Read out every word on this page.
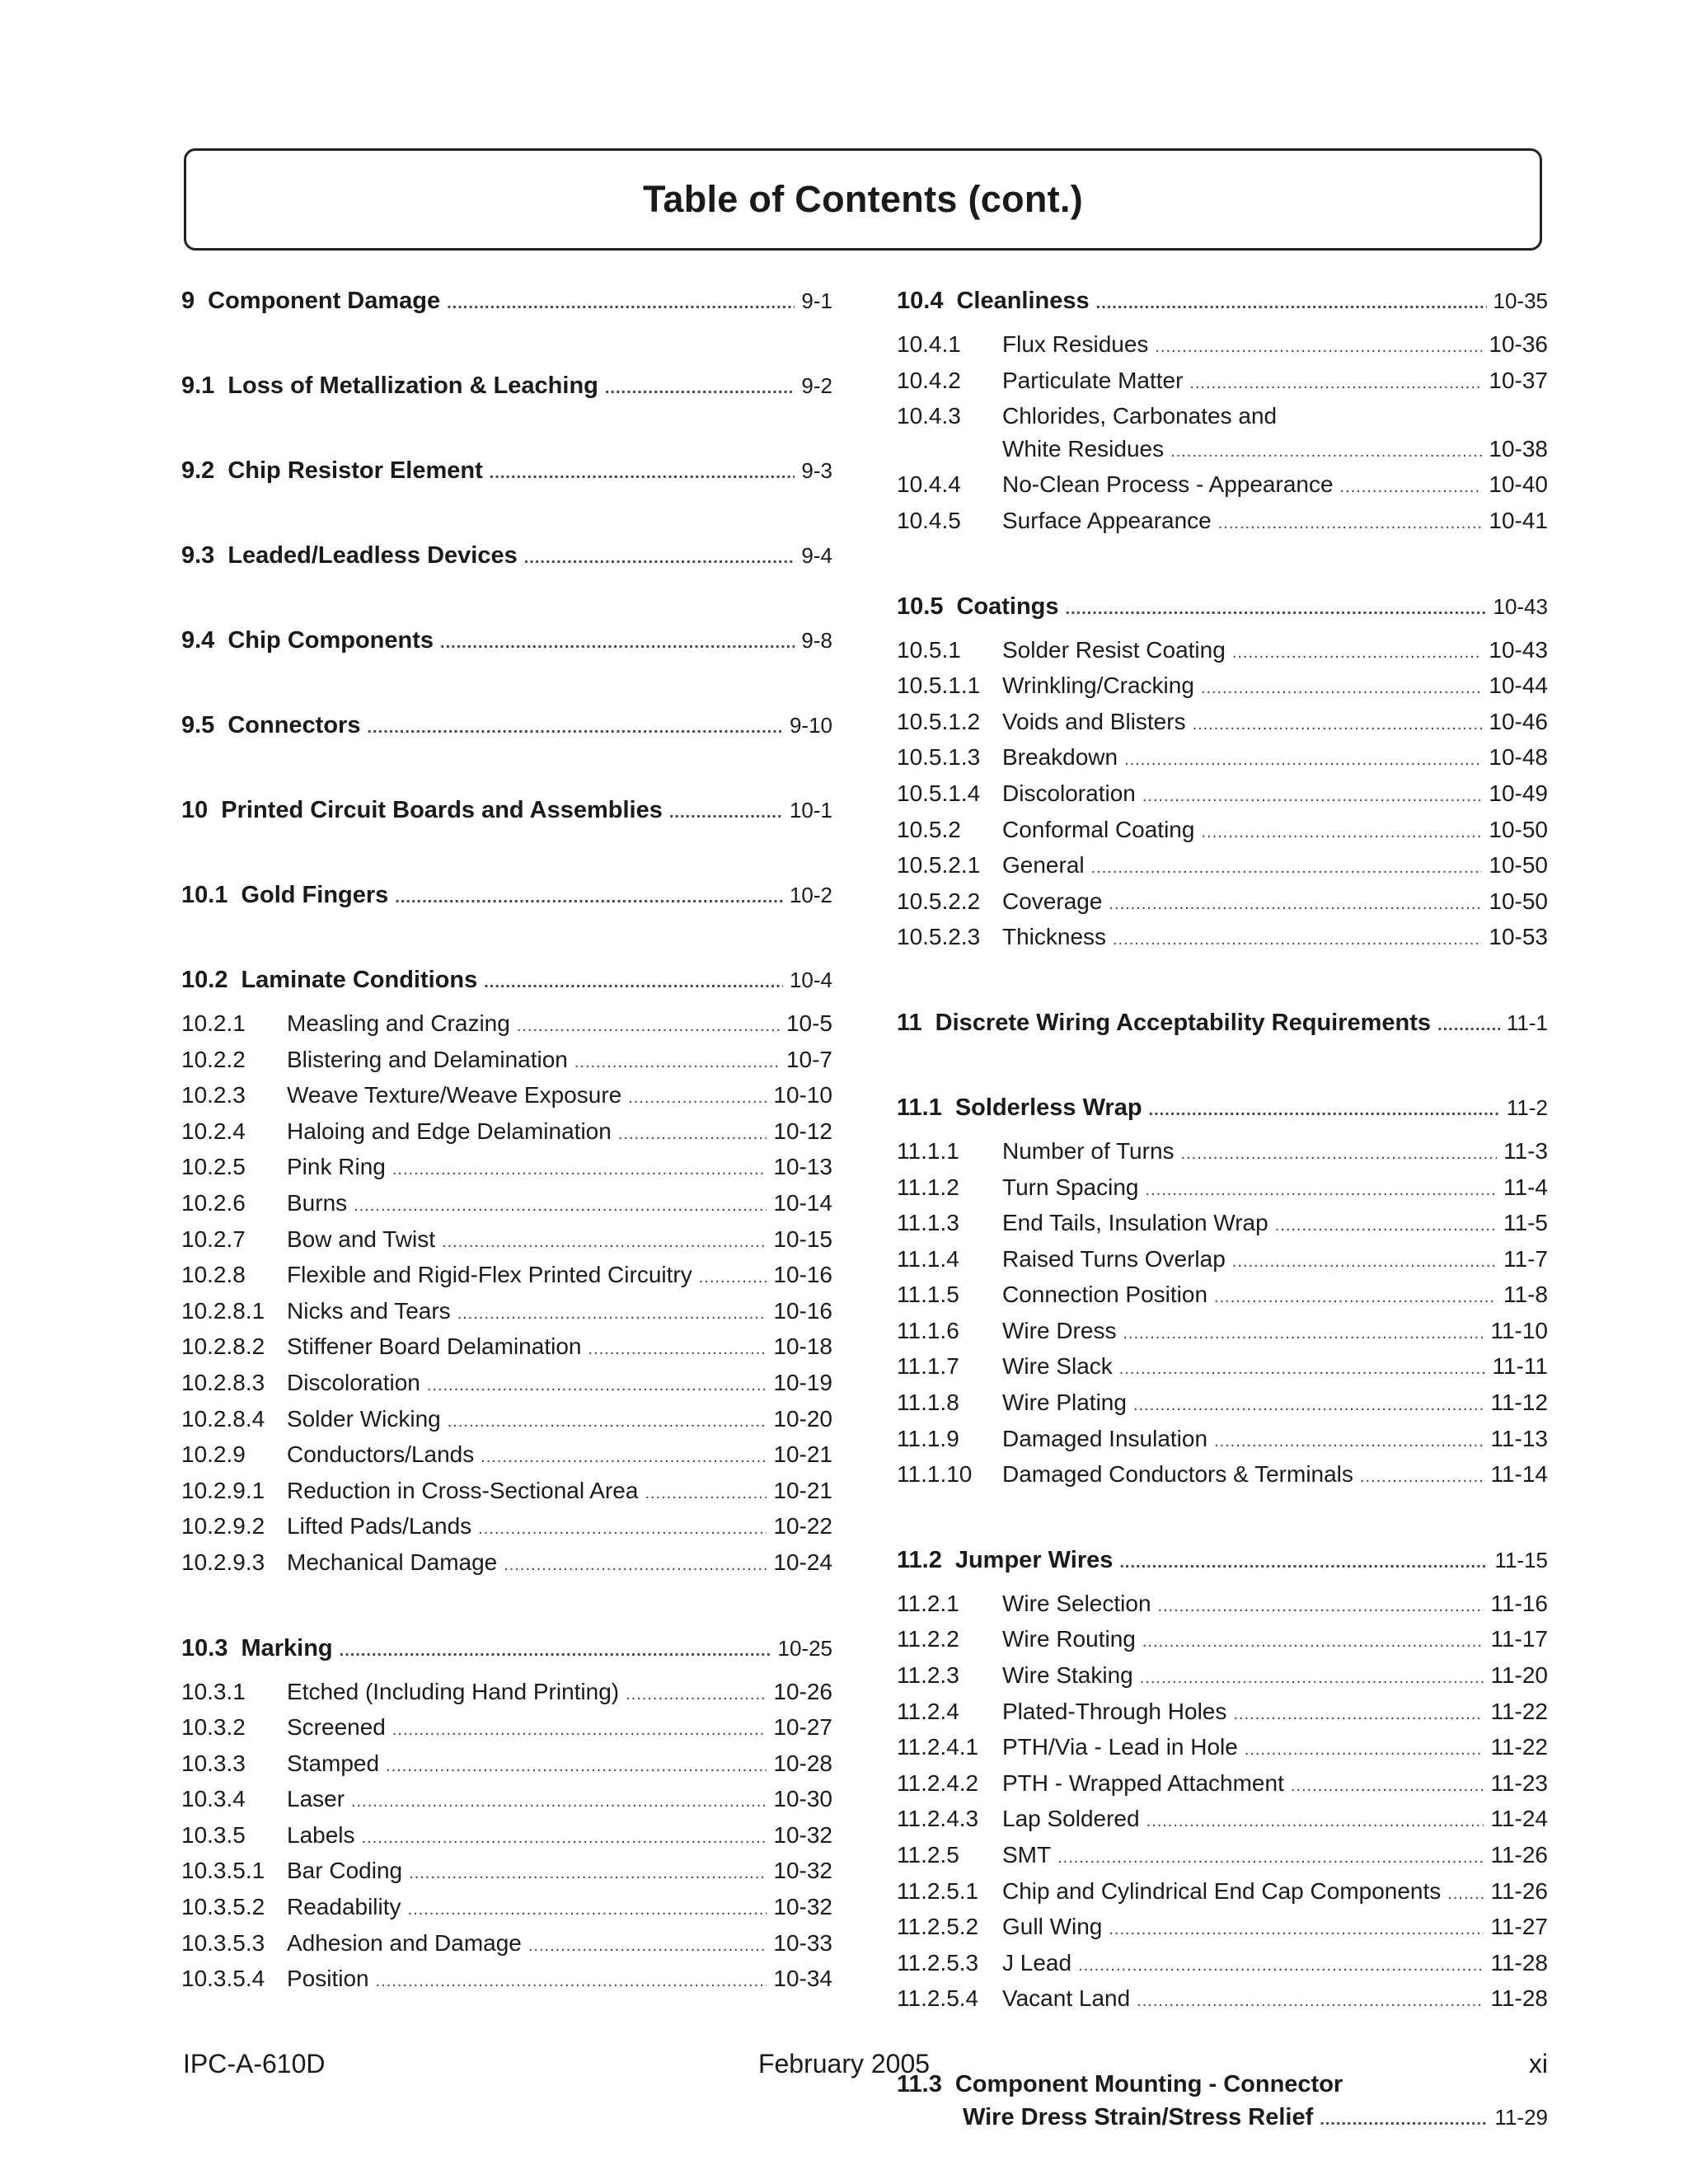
Table of Contents (cont.)
9 Component Damage .....	9-1
9.1 Loss of Metallization & Leaching .....	9-2
9.2 Chip Resistor Element .....	9-3
9.3 Leaded/Leadless Devices .....	9-4
9.4 Chip Components .....	9-8
9.5 Connectors .....	9-10
10 Printed Circuit Boards and Assemblies .....	10-1
10.1 Gold Fingers .....	10-2
10.2 Laminate Conditions .....	10-4
10.2.1	Measling and Crazing .....	10-5
10.2.2	Blistering and Delamination .....	10-7
10.2.3	Weave Texture/Weave Exposure .....	10-10
10.2.4	Haloing and Edge Delamination .....	10-12
10.2.5	Pink Ring .....	10-13
10.2.6	Burns .....	10-14
10.2.7	Bow and Twist .....	10-15
10.2.8	Flexible and Rigid-Flex Printed Circuitry .....	10-16
10.2.8.1 Nicks and Tears .....	10-16
10.2.8.2 Stiffener Board Delamination .....	10-18
10.2.8.3 Discoloration .....	10-19
10.2.8.4 Solder Wicking .....	10-20
10.2.9	Conductors/Lands .....	10-21
10.2.9.1 Reduction in Cross-Sectional Area .....	10-21
10.2.9.2 Lifted Pads/Lands .....	10-22
10.2.9.3 Mechanical Damage .....	10-24
10.3 Marking .....	10-25
10.3.1	Etched (Including Hand Printing) .....	10-26
10.3.2	Screened .....	10-27
10.3.3	Stamped .....	10-28
10.3.4	Laser .....	10-30
10.3.5	Labels .....	10-32
10.3.5.1 Bar Coding .....	10-32
10.3.5.2 Readability .....	10-32
10.3.5.3 Adhesion and Damage .....	10-33
10.3.5.4 Position .....	10-34
10.4 Cleanliness .....	10-35
10.4.1	Flux Residues .....	10-36
10.4.2	Particulate Matter .....	10-37
10.4.3	Chlorides, Carbonates and
White Residues .....	10-38
10.4.4	No-Clean Process - Appearance .....	10-40
10.4.5	Surface Appearance .....	10-41
10.5 Coatings .....	10-43
10.5.1	Solder Resist Coating .....	10-43
10.5.1.1 Wrinkling/Cracking .....	10-44
10.5.1.2 Voids and Blisters .....	10-46
10.5.1.3 Breakdown .....	10-48
10.5.1.4 Discoloration .....	10-49
10.5.2	Conformal Coating .....	10-50
10.5.2.1 General .....	10-50
10.5.2.2 Coverage .....	10-50
10.5.2.3 Thickness .....	10-53
11 Discrete Wiring Acceptability Requirements .....	11-1
11.1 Solderless Wrap .....	11-2
11.1.1	Number of Turns .....	11-3
11.1.2	Turn Spacing .....	11-4
11.1.3	End Tails, Insulation Wrap .....	11-5
11.1.4	Raised Turns Overlap .....	11-7
11.1.5	Connection Position .....	11-8
11.1.6	Wire Dress .....	11-10
11.1.7	Wire Slack .....	11-11
11.1.8	Wire Plating .....	11-12
11.1.9	Damaged Insulation .....	11-13
11.1.10	Damaged Conductors & Terminals .....	11-14
11.2 Jumper Wires .....	11-15
11.2.1	Wire Selection .....	11-16
11.2.2	Wire Routing .....	11-17
11.2.3	Wire Staking .....	11-20
11.2.4	Plated-Through Holes .....	11-22
11.2.4.1	PTH/Via - Lead in Hole .....	11-22
11.2.4.2	PTH - Wrapped Attachment .....	11-23
11.2.4.3	Lap Soldered .....	11-24
11.2.5	SMT .....	11-26
11.2.5.1	Chip and Cylindrical End Cap Components ..... 11-26
11.2.5.2	Gull Wing .....	11-27
11.2.5.3	J Lead .....	11-28
11.2.5.4	Vacant Land .....	11-28
11.3 Component Mounting - Connector
Wire Dress Strain/Stress Relief .....	11-29
IPC-A-610D	February 2005	xi
